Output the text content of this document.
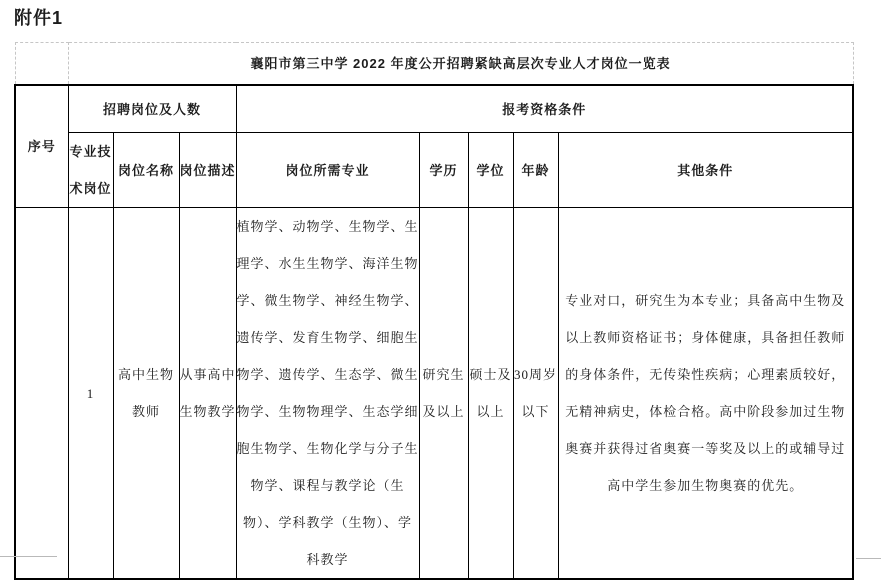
附件1
	襄阳市第三中学 2022 年度公开招聘紧缺高层次专业人才岗位一览表							
序号	招聘岗位及人数			报考资格条件				
	专业技术岗位	岗位名称	岗位描述	岗位所需专业	学历	学位	年龄	其他条件
	1	高中生物教师	从事高中生物教学	植物学、动物学、生物学、生理学、水生生物学、海洋生物学、微生物学、神经生物学、遗传学、发育生物学、细胞生物学、遗传学、生态学、微生物学、生物物理学、生态学细胞生物学、生物化学与分子生物学、课程与教学论（生物）、学科教学（生物）、学科教学	研究生及以上	硕士及以上	30周岁以下	专业对口，研究生为本专业；具备高中生物及以上教师资格证书；身体健康，具备担任教师的身体条件，无传染性疾病；心理素质较好，无精神病史，体检合格。高中阶段参加过生物奥赛并获得过省奥赛一等奖及以上的或辅导过高中学生参加生物奥赛的优先。
